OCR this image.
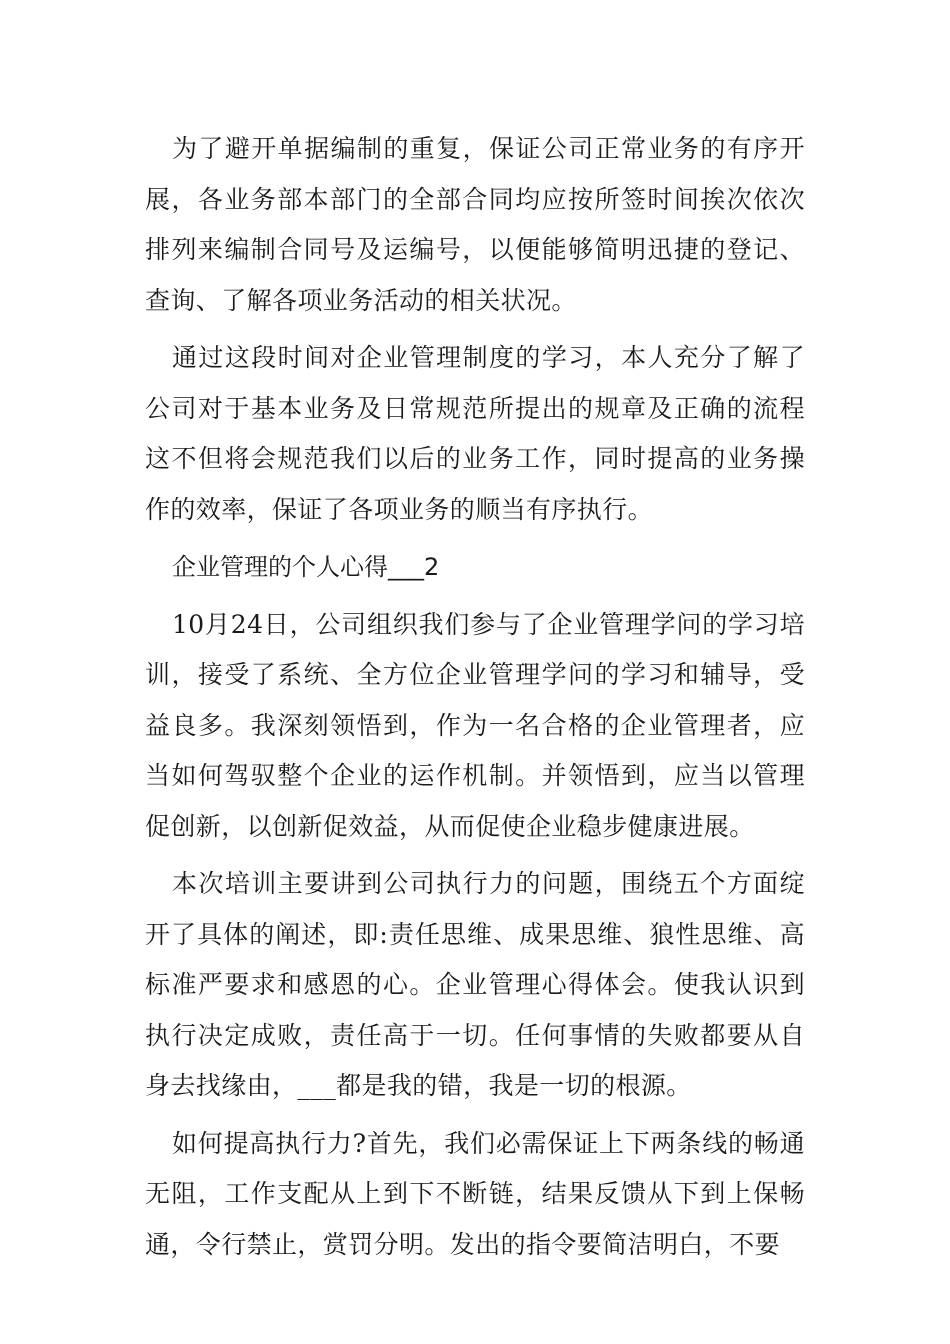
为了避开单据编制的重复，保证公司正常业务的有序开展，各业务部本部门的全部合同均应按所签时间挨次依次排列来编制合同号及运编号，以便能够简明迅捷的登记、查询、了解各项业务活动的相关状况。

通过这段时间对企业管理制度的学习，本人充分了解了公司对于基本业务及日常规范所提出的规章及正确的流程这不但将会规范我们以后的业务工作，同时提高的业务操作的效率，保证了各项业务的顺当有序执行。

企业管理的个人心得___2

10月24日，公司组织我们参与了企业管理学问的学习培训，接受了系统、全方位企业管理学问的学习和辅导，受益良多。我深刻领悟到，作为一名合格的企业管理者，应当如何驾驭整个企业的运作机制。并领悟到，应当以管理促创新，以创新促效益，从而促使企业稳步健康进展。

本次培训主要讲到公司执行力的问题，围绕五个方面绽开了具体的阐述，即:责任思维、成果思维、狼性思维、高标准严要求和感恩的心。企业管理心得体会。使我认识到执行决定成败，责任高于一切。任何事情的失败都要从自身去找缘由，___都是我的错，我是一切的根源。

如何提高执行力?首先，我们必需保证上下两条线的畅通无阻，工作支配从上到下不断链，结果反馈从下到上保畅通，令行禁止，赏罚分明。发出的指令要简洁明白，不要
